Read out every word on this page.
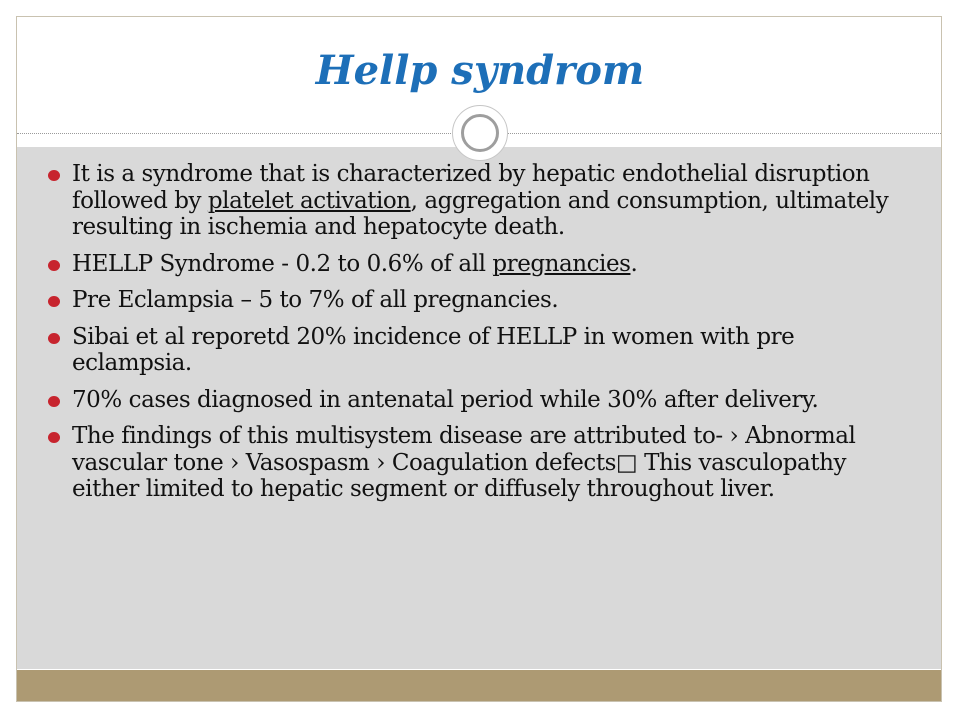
Hellp syndrom
It is a syndrome that is characterized by hepatic endothelial disruption followed by platelet activation, aggregation and consumption, ultimately resulting in ischemia and hepatocyte death.
HELLP Syndrome - 0.2 to 0.6% of all pregnancies.
Pre Eclampsia – 5 to 7% of all pregnancies.
Sibai et al reporetd 20% incidence of HELLP in women with pre eclampsia.
70% cases diagnosed in antenatal period while 30% after delivery.
The findings of this multisystem disease are attributed to- › Abnormal vascular tone › Vasospasm › Coagulation defects□ This vasculopathy either limited to hepatic segment or diffusely throughout liver.
